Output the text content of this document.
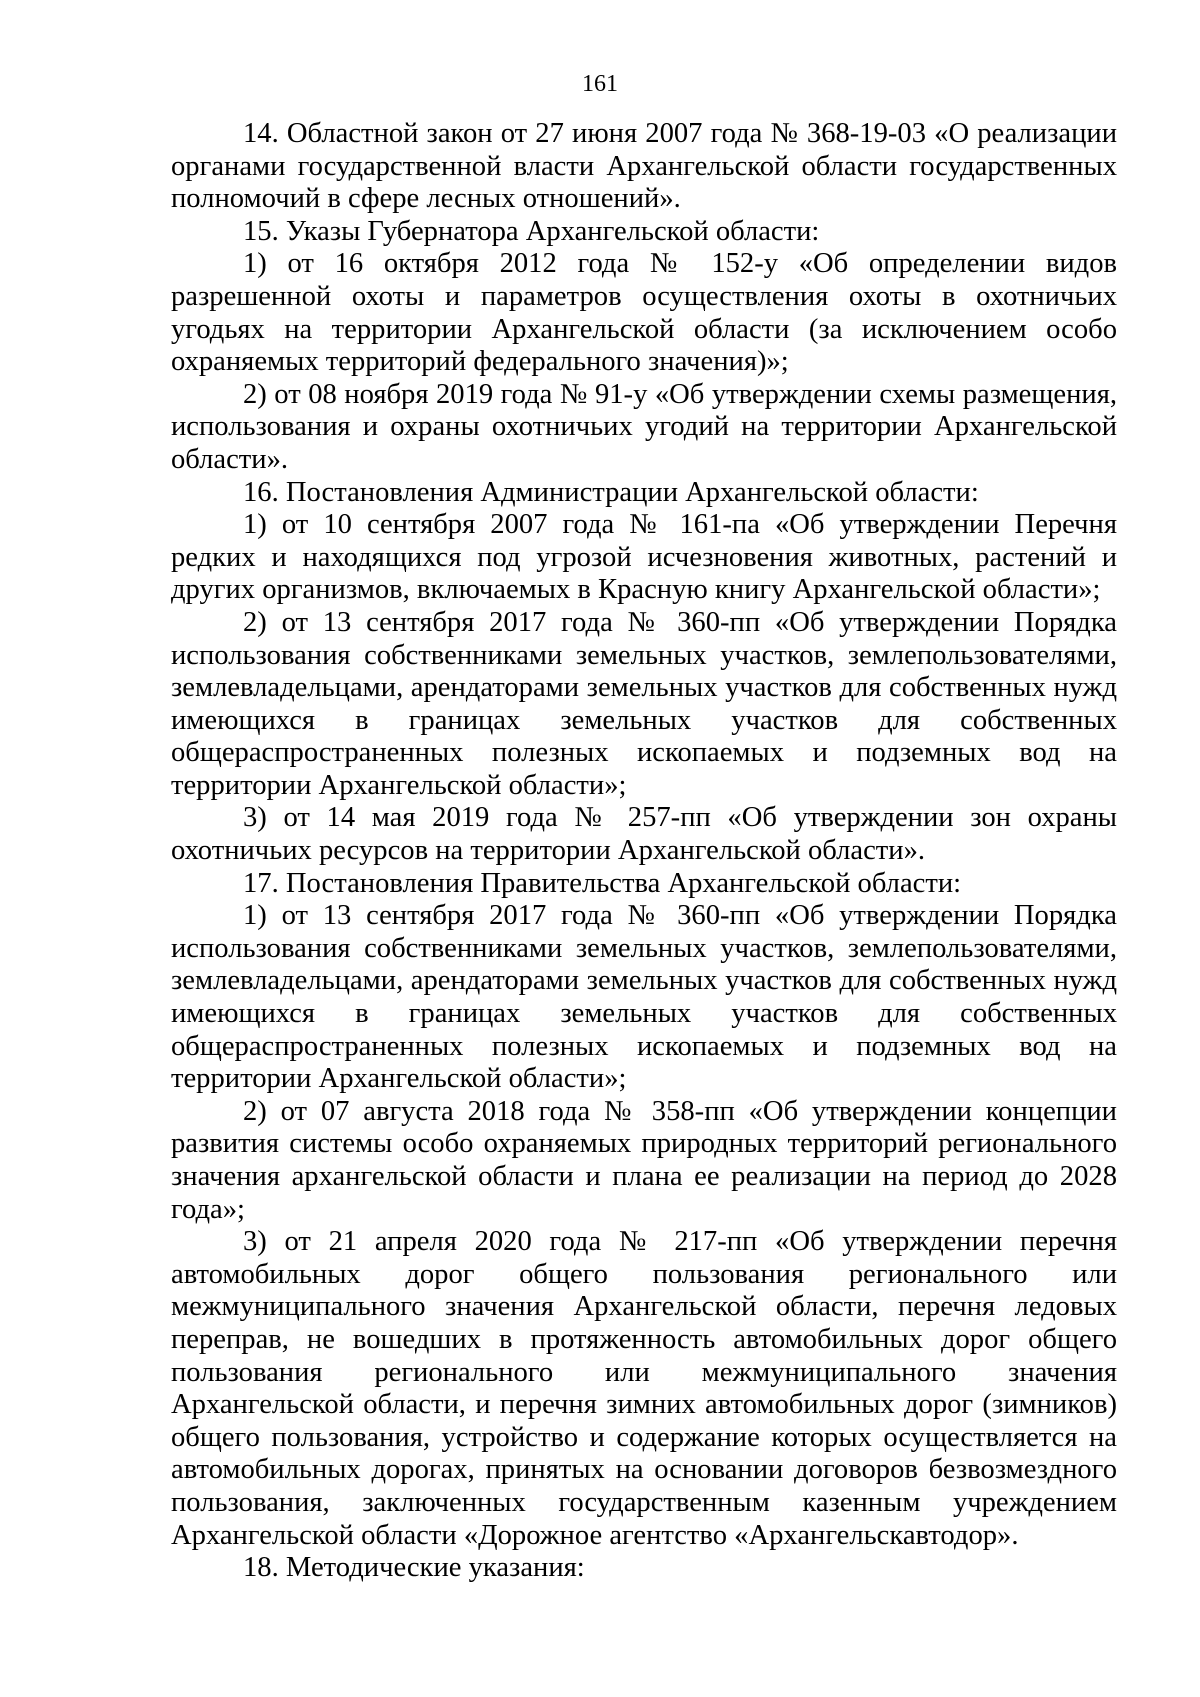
161

14. Областной закон от 27 июня 2007 года № 368-19-03 «О реализации органами государственной власти Архангельской области государственных полномочий в сфере лесных отношений».

15. Указы Губернатора Архангельской области:

1) от 16 октября 2012 года № 152-у «Об определении видов разрешенной охоты и параметров осуществления охоты в охотничьих угодьях на территории Архангельской области (за исключением особо охраняемых территорий федерального значения)»;

2) от 08 ноября 2019 года № 91-у «Об утверждении схемы размещения, использования и охраны охотничьих угодий на территории Архангельской области».

16. Постановления Администрации Архангельской области:

1) от 10 сентября 2007 года № 161-па «Об утверждении Перечня редких и находящихся под угрозой исчезновения животных, растений и других организмов, включаемых в Красную книгу Архангельской области»;

2) от 13 сентября 2017 года № 360-пп «Об утверждении Порядка использования собственниками земельных участков, землепользователями, землевладельцами, арендаторами земельных участков для собственных нужд имеющихся в границах земельных участков для собственных общераспространенных полезных ископаемых и подземных вод на территории Архангельской области»;

3) от 14 мая 2019 года № 257-пп «Об утверждении зон охраны охотничьих ресурсов на территории Архангельской области».

17. Постановления Правительства Архангельской области:

1) от 13 сентября 2017 года № 360-пп «Об утверждении Порядка использования собственниками земельных участков, землепользователями, землевладельцами, арендаторами земельных участков для собственных нужд имеющихся в границах земельных участков для собственных общераспространенных полезных ископаемых и подземных вод на территории Архангельской области»;

2) от 07 августа 2018 года № 358-пп «Об утверждении концепции развития системы особо охраняемых природных территорий регионального значения архангельской области и плана ее реализации на период до 2028 года»;

3) от 21 апреля 2020 года № 217-пп «Об утверждении перечня автомобильных дорог общего пользования регионального или межмуниципального значения Архангельской области, перечня ледовых переправ, не вошедших в протяженность автомобильных дорог общего пользования регионального или межмуниципального значения Архангельской области, и перечня зимних автомобильных дорог (зимников) общего пользования, устройство и содержание которых осуществляется на автомобильных дорогах, принятых на основании договоров безвозмездного пользования, заключенных государственным казенным учреждением Архангельской области «Дорожное агентство «Архангельскавтодор».

18. Методические указания:
